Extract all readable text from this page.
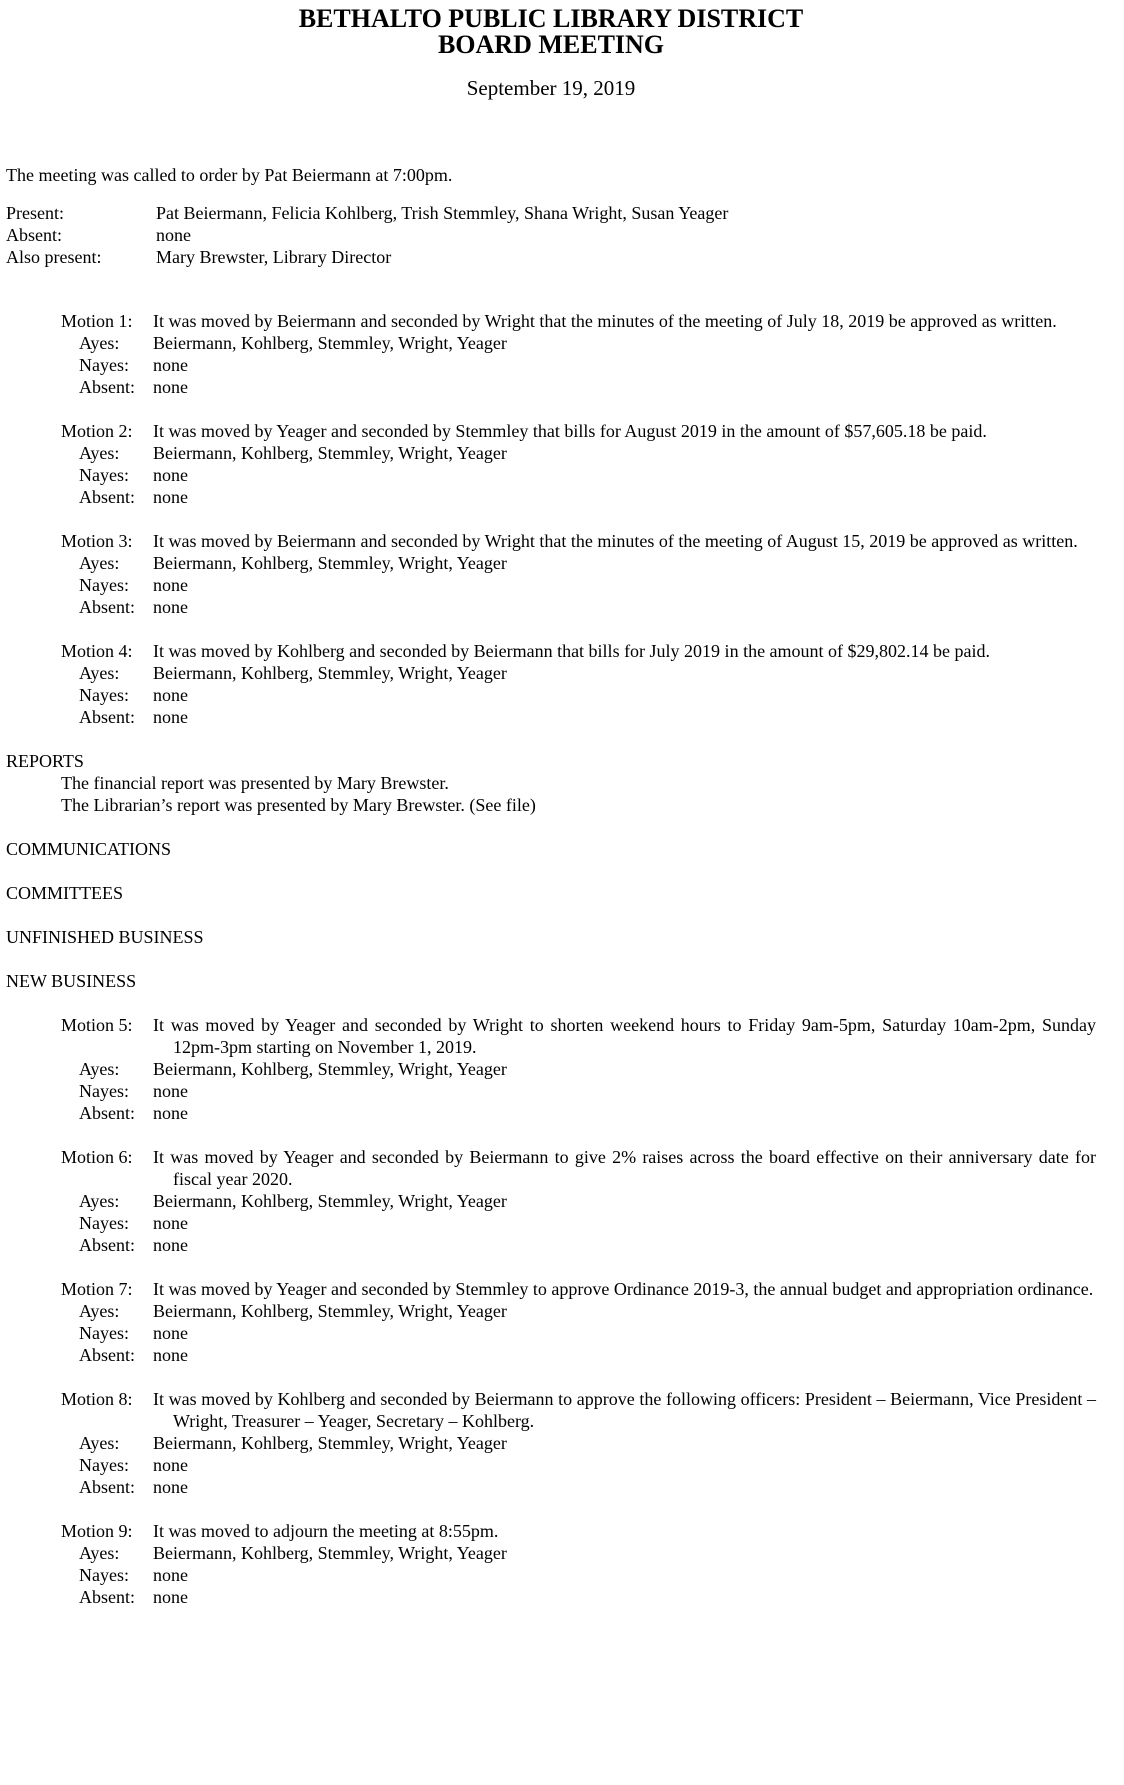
BETHALTO PUBLIC LIBRARY DISTRICT
BOARD MEETING
September 19, 2019
The meeting was called to order by Pat Beiermann at 7:00pm.
Present:	Pat Beiermann, Felicia Kohlberg, Trish Stemmley, Shana Wright, Susan Yeager
Absent:	none
Also present:	Mary Brewster, Library Director
Motion 1:	It was moved by Beiermann and seconded by Wright that the minutes of the meeting of July 18, 2019 be approved as written.
Ayes:	Beiermann, Kohlberg, Stemmley, Wright, Yeager
Nayes:	none
Absent:	none
Motion 2:	It was moved by Yeager and seconded by Stemmley that bills for August 2019 in the amount of $57,605.18 be paid.
Ayes:	Beiermann, Kohlberg, Stemmley, Wright, Yeager
Nayes:	none
Absent:	none
Motion 3:	It was moved by Beiermann and seconded by Wright that the minutes of the meeting of August 15, 2019 be approved as written.
Ayes:	Beiermann, Kohlberg, Stemmley, Wright, Yeager
Nayes:	none
Absent:	none
Motion 4:	It was moved by Kohlberg and seconded by Beiermann that bills for July 2019 in the amount of $29,802.14 be paid.
Ayes:	Beiermann, Kohlberg, Stemmley, Wright, Yeager
Nayes:	none
Absent:	none
REPORTS
The financial report was presented by Mary Brewster.
The Librarian’s report was presented by Mary Brewster. (See file)
COMMUNICATIONS
COMMITTEES
UNFINISHED BUSINESS
NEW BUSINESS
Motion 5:	It was moved by Yeager and seconded by Wright to shorten weekend hours to Friday 9am-5pm, Saturday 10am-2pm, Sunday 12pm-3pm starting on November 1, 2019.
Ayes:	Beiermann, Kohlberg, Stemmley, Wright, Yeager
Nayes:	none
Absent:	none
Motion 6:	It was moved by Yeager and seconded by Beiermann to give 2% raises across the board effective on their anniversary date for fiscal year 2020.
Ayes:	Beiermann, Kohlberg, Stemmley, Wright, Yeager
Nayes:	none
Absent:	none
Motion 7:	It was moved by Yeager and seconded by Stemmley to approve Ordinance 2019-3, the annual budget and appropriation ordinance.
Ayes:	Beiermann, Kohlberg, Stemmley, Wright, Yeager
Nayes:	none
Absent:	none
Motion 8:	It was moved by Kohlberg and seconded by Beiermann to approve the following officers: President – Beiermann, Vice President – Wright, Treasurer – Yeager, Secretary – Kohlberg.
Ayes:	Beiermann, Kohlberg, Stemmley, Wright, Yeager
Nayes:	none
Absent:	none
Motion 9:	It was moved to adjourn the meeting at 8:55pm.
Ayes:	Beiermann, Kohlberg, Stemmley, Wright, Yeager
Nayes:	none
Absent:	none
